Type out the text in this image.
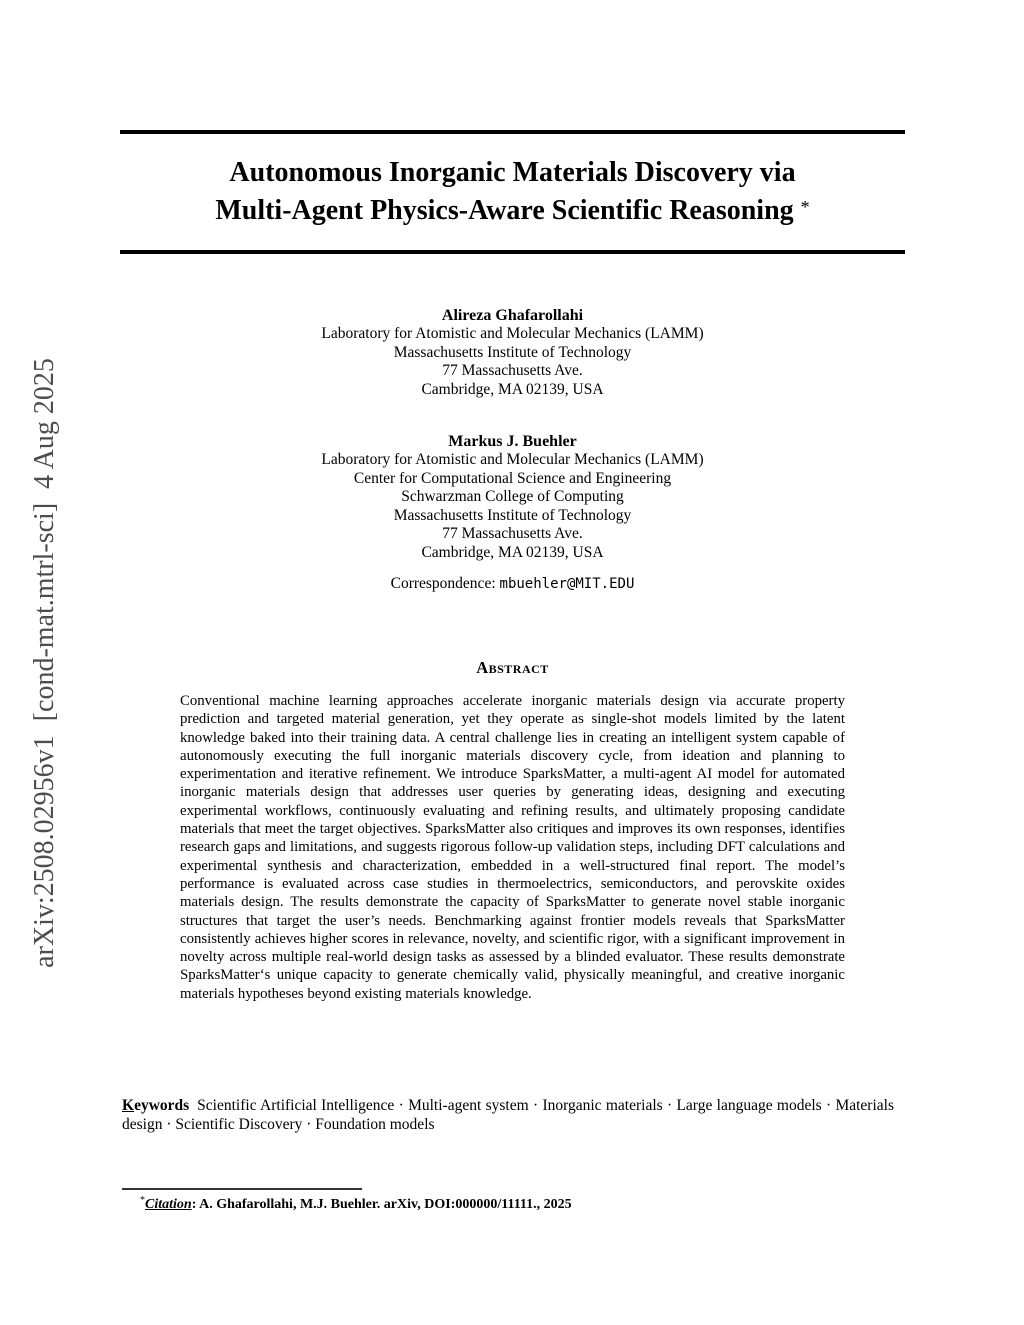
arXiv:2508.02956v1  [cond-mat.mtrl-sci]  4 Aug 2025
Autonomous Inorganic Materials Discovery via
Multi-Agent Physics-Aware Scientific Reasoning *
Alireza Ghafarollahi
Laboratory for Atomistic and Molecular Mechanics (LAMM)
Massachusetts Institute of Technology
77 Massachusetts Ave.
Cambridge, MA 02139, USA
Markus J. Buehler
Laboratory for Atomistic and Molecular Mechanics (LAMM)
Center for Computational Science and Engineering
Schwarzman College of Computing
Massachusetts Institute of Technology
77 Massachusetts Ave.
Cambridge, MA 02139, USA
Correspondence: mbuehler@MIT.EDU
Abstract
Conventional machine learning approaches accelerate inorganic materials design via accurate property prediction and targeted material generation, yet they operate as single-shot models limited by the latent knowledge baked into their training data. A central challenge lies in creating an intelligent system capable of autonomously executing the full inorganic materials discovery cycle, from ideation and planning to experimentation and iterative refinement. We introduce SparksMatter, a multi-agent AI model for automated inorganic materials design that addresses user queries by generating ideas, designing and executing experimental workflows, continuously evaluating and refining results, and ultimately proposing candidate materials that meet the target objectives. SparksMatter also critiques and improves its own responses, identifies research gaps and limitations, and suggests rigorous follow-up validation steps, including DFT calculations and experimental synthesis and characterization, embedded in a well-structured final report. The model’s performance is evaluated across case studies in thermoelectrics, semiconductors, and perovskite oxides materials design. The results demonstrate the capacity of SparksMatter to generate novel stable inorganic structures that target the user’s needs. Benchmarking against frontier models reveals that SparksMatter consistently achieves higher scores in relevance, novelty, and scientific rigor, with a significant improvement in novelty across multiple real-world design tasks as assessed by a blinded evaluator. These results demonstrate SparksMatter‘s unique capacity to generate chemically valid, physically meaningful, and creative inorganic materials hypotheses beyond existing materials knowledge.
Keywords Scientific Artificial Intelligence · Multi-agent system · Inorganic materials · Large language models · Materials design · Scientific Discovery · Foundation models
*Citation: A. Ghafarollahi, M.J. Buehler. arXiv, DOI:000000/11111., 2025
